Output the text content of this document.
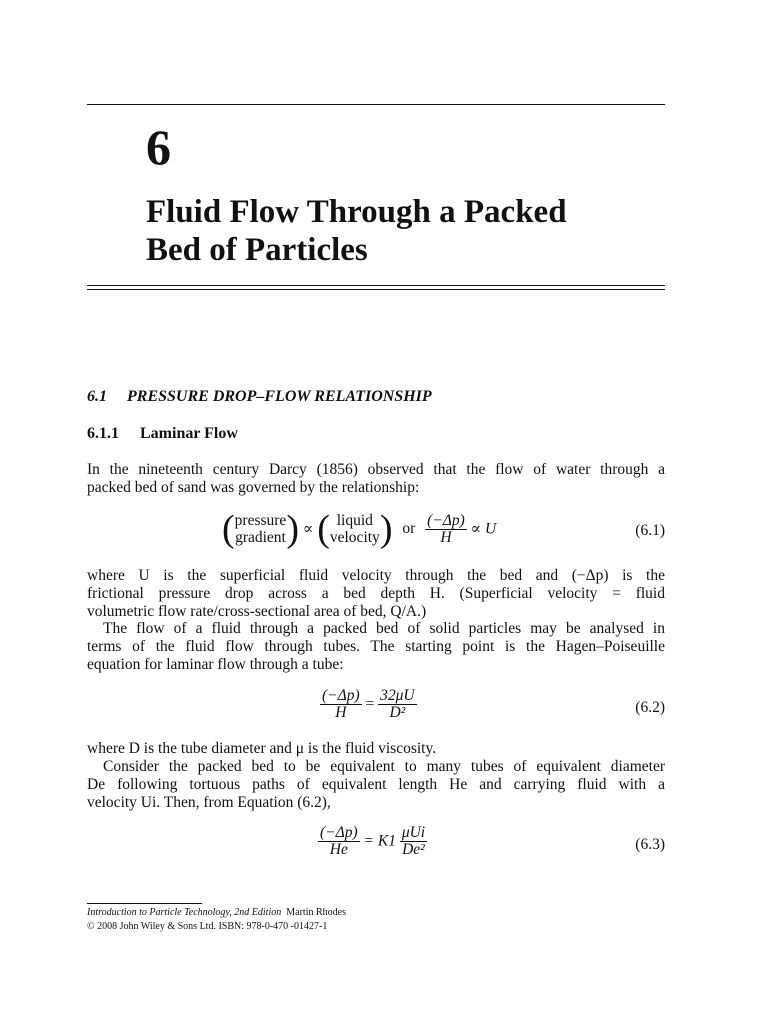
6
Fluid Flow Through a Packed
Bed of Particles
6.1 PRESSURE DROP–FLOW RELATIONSHIP
6.1.1 Laminar Flow
In the nineteenth century Darcy (1856) observed that the flow of water through a
packed bed of sand was governed by the relationship:
( pressure
gradient ) ∝ ( liquid
velocity ) or $\frac{(-\Delta p)}{H} \propto U$	(6.1)
where U is the superficial fluid velocity through the bed and (−Δp) is the
frictional pressure drop across a bed depth H. (Superficial velocity = fluid
volumetric flow rate/cross-sectional area of bed, Q/A.)
The flow of a fluid through a packed bed of solid particles may be analysed in
terms of the fluid flow through tubes. The starting point is the Hagen–Poiseuille
equation for laminar flow through a tube:
$\frac{(-\Delta p)}{H} = \frac{32\mu U}{\text{D²}}$	(6.2)
where D is the tube diameter and μ is the fluid viscosity.
Consider the packed bed to be equivalent to many tubes of equivalent diameter
De following tortuous paths of equivalent length He and carrying fluid with a
velocity Ui. Then, from Equation (6.2),
$\frac{(-\Delta p)}{He} = K1 \frac{\text{μUi}}{\text{De²}}$	(6.3)
Introduction to Particle Technology, 2nd Edition Martin Rhodes
© 2008 John Wiley & Sons Ltd. ISBN: 978-0-470 -01427-1
